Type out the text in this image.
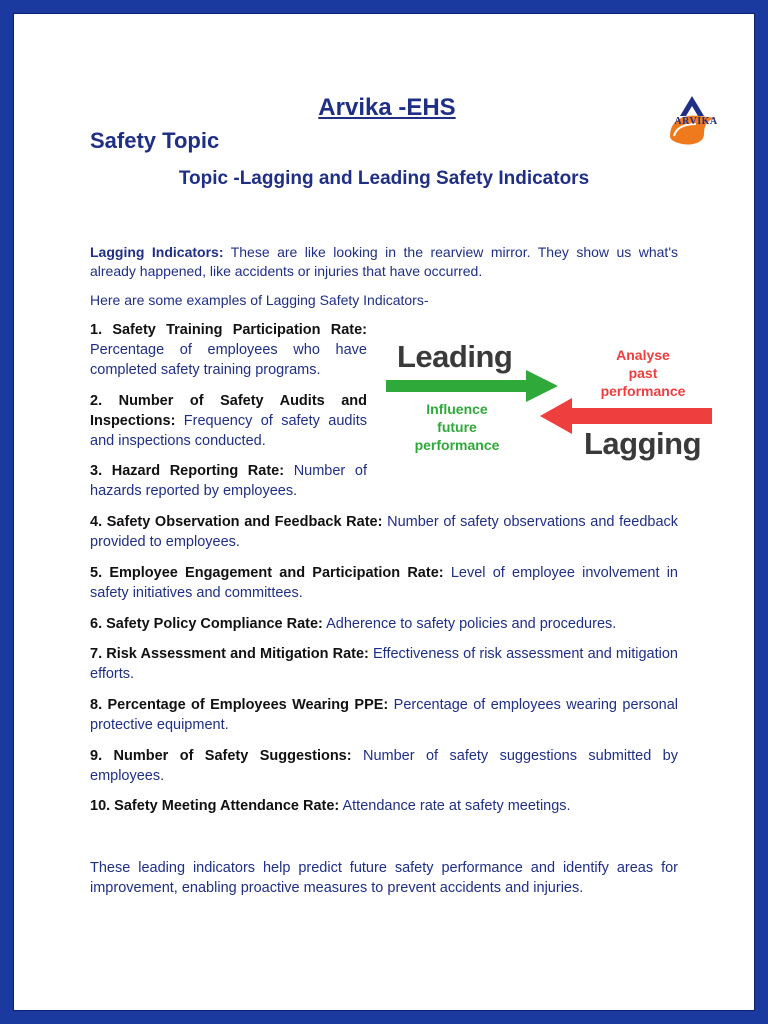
Arvika -EHS
ARVIKA
Safety Topic
Topic -Lagging and Leading Safety Indicators

Lagging Indicators: These are like looking in the rearview mirror. They show us what's already happened, like accidents or injuries that have occurred.

Here are some examples of Lagging Safety Indicators-

Leading

Lagging

Influence
future
performance

Analyse
past
performance

1. Safety Training Participation Rate: Percentage of employees who have completed safety training programs.

2. Number of Safety Audits and Inspections: Frequency of safety audits and inspections conducted.

3. Hazard Reporting Rate: Number of hazards reported by employees.

4. Safety Observation and Feedback Rate: Number of safety observations and feedback provided to employees.

5. Employee Engagement and Participation Rate: Level of employee involvement in safety initiatives and committees.

6. Safety Policy Compliance Rate: Adherence to safety policies and procedures.

7. Risk Assessment and Mitigation Rate: Effectiveness of risk assessment and mitigation efforts.

8. Percentage of Employees Wearing PPE: Percentage of employees wearing personal protective equipment.

9. Number of Safety Suggestions: Number of safety suggestions submitted by employees.

10. Safety Meeting Attendance Rate: Attendance rate at safety meetings.

These leading indicators help predict future safety performance and identify areas for improvement, enabling proactive measures to prevent accidents and injuries.
